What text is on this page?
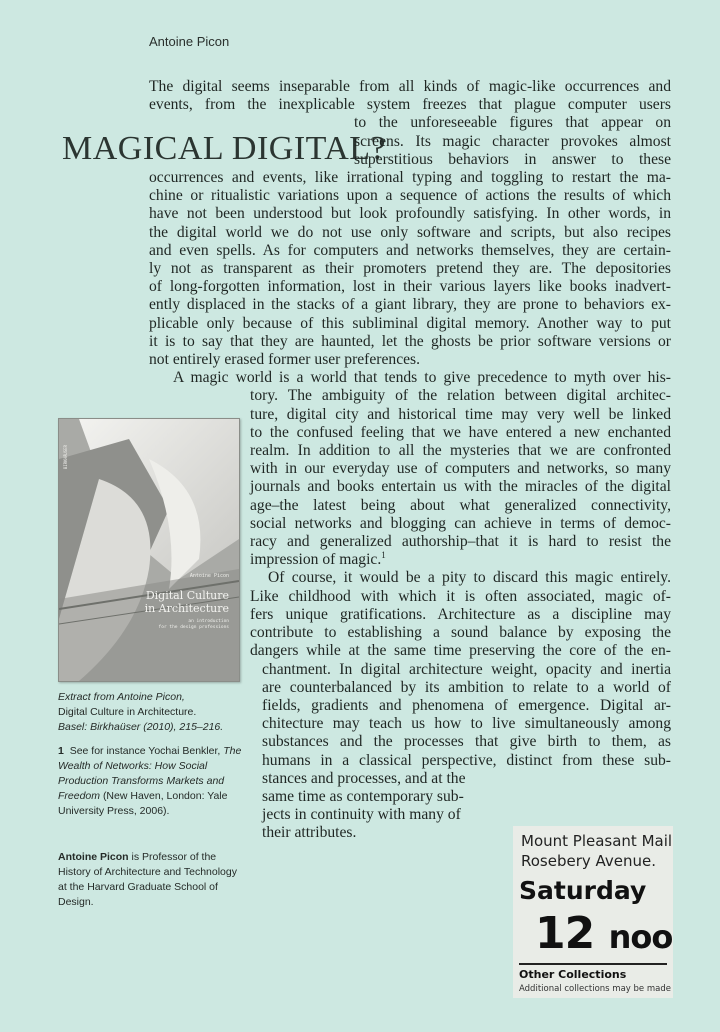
Antoine Picon
MAGICAL DIGITAL?
The digital seems inseparable from all kinds of magic-like occurrences and
events, from the inexplicable system freezes that plague computer users
to the unforeseeable figures that appear on
screens. Its magic character provokes almost
superstitious behaviors in answer to these
occurrences and events, like irrational typing and toggling to restart the ma-
chine or ritualistic variations upon a sequence of actions the results of which
have not been understood but look profoundly satisfying. In other words, in
the digital world we do not use only software and scripts, but also recipes
and even spells. As for computers and networks themselves, they are certain-
ly not as transparent as their promoters pretend they are. The depositories
of long-forgotten information, lost in their various layers like books inadvert-
ently displaced in the stacks of a giant library, they are prone to behaviors ex-
plicable only because of this subliminal digital memory. Another way to put
it is to say that they are haunted, let the ghosts be prior software versions or
not entirely erased former user preferences.
A magic world is a world that tends to give precedence to myth over his-
tory. The ambiguity of the relation between digital architec-
ture, digital city and historical time may very well be linked
to the confused feeling that we have entered a new enchanted
realm. In addition to all the mysteries that we are confronted
with in our everyday use of computers and networks, so many
journals and books entertain us with the miracles of the digital
age–the latest being about what generalized connectivity,
social networks and blogging can achieve in terms of democ-
racy and generalized authorship–that it is hard to resist the
impression of magic.$^1$
Of course, it would be a pity to discard this magic entirely.
Like childhood with which it is often associated, magic of-
fers unique gratifications. Architecture as a discipline may
contribute to establishing a sound balance by exposing the
dangers while at the same time preserving the core of the en-
chantment. In digital architecture weight, opacity and inertia
are counterbalanced by its ambition to relate to a world of
fields, gradients and phenomena of emergence. Digital ar-
chitecture may teach us how to live simultaneously among
substances and the processes that give birth to them, as
humans in a classical perspective, distinct from these sub-
stances and processes, and at the
same time as contemporary sub-
jects in continuity with many of
their attributes.
BIRKHÄUSER
Antoine Picon
Digital Culture
in Architecture
an introduction
for the design professions
Extract from Antoine Picon,
Digital Culture in Architecture.
Basel: Birkhaüser (2010), 215–216.
1 See for instance Yochai Benkler, The Wealth of Networks: How Social Production Transforms Markets and Freedom (New Haven, London: Yale University Press, 2006).
Antoine Picon is Professor of the History of Architecture and Technology at the Harvard Graduate School of Design.
Mount Pleasant Mail
Rosebery Avenue.
Saturday
12 noo
Other Collections
Additional collections may be made
